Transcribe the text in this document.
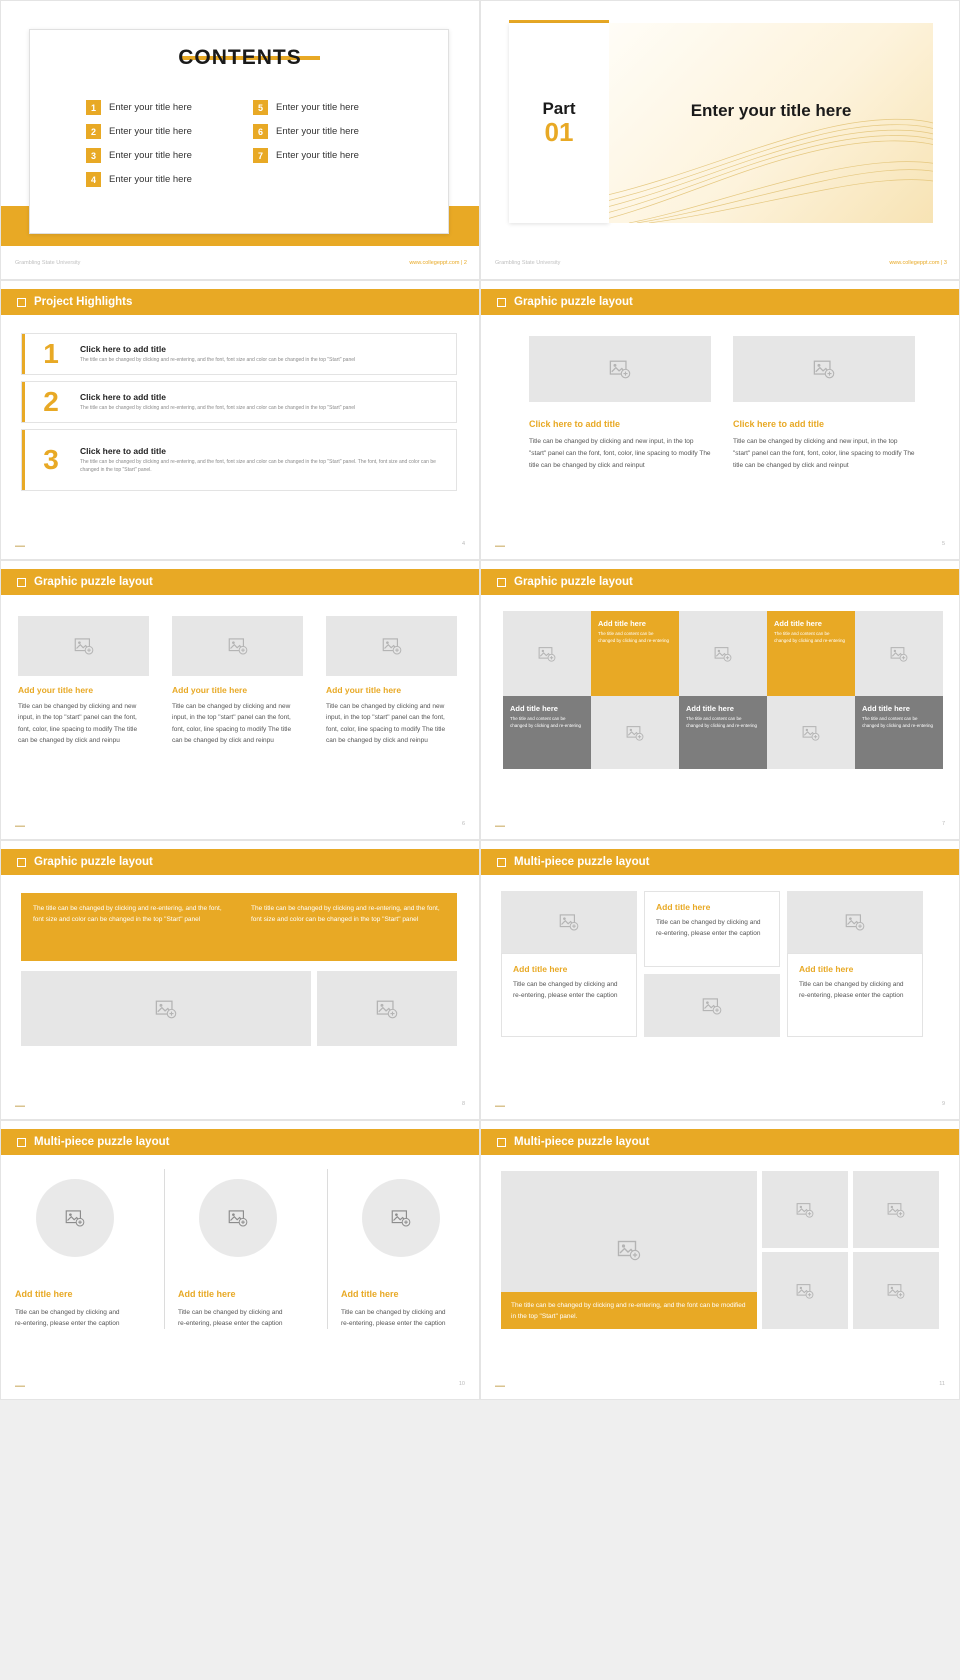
CONTENTS
1	Enter your title here
2	Enter your title here
3	Enter your title here
4	Enter your title here
5	Enter your title here
6	Enter your title here
7	Enter your title here
Grambling State University	www.collegeppt.com | 2
Part
01
Enter your title here
Grambling State University	www.collegeppt.com | 3
Project Highlights
1	Click here to add title
The title can be changed by clicking and re-entering, and the font, font size and color can be changed in the top "Start" panel
2	Click here to add title
The title can be changed by clicking and re-entering, and the font, font size and color can be changed in the top "Start" panel
3	Click here to add title
The title can be changed by clicking and re-entering, and the font, font size and color can be changed in the top "Start" panel. The font, font size and color can be changed in the top "Start" panel.
▬▬	4
Graphic puzzle layout
Click here to add title
Title can be changed by clicking and new input, in the top "start" panel can the font, font, color, line spacing to modify The title can be changed by click and reinput
Click here to add title
Title can be changed by clicking and new input, in the top "start" panel can the font, font, color, line spacing to modify The title can be changed by click and reinput
▬▬	5
Graphic puzzle layout
Add your title here
Title can be changed by clicking and new input, in the top "start" panel can the font, font, color, line spacing to modify The title can be changed by click and reinpu
Add your title here
Title can be changed by clicking and new input, in the top "start" panel can the font, font, color, line spacing to modify The title can be changed by click and reinpu
Add your title here
Title can be changed by clicking and new input, in the top "start" panel can the font, font, color, line spacing to modify The title can be changed by click and reinpu
▬▬	6
Graphic puzzle layout
Add title here
The title and content can be changed by clicking and re-entering
Add title here
The title and content can be changed by clicking and re-entering
Add title here
The title and content can be changed by clicking and re-entering
Add title here
The title and content can be changed by clicking and re-entering
Add title here
The title and content can be changed by clicking and re-entering
▬▬	7
Graphic puzzle layout
The title can be changed by clicking and re-entering, and the font, font size and color can be changed in the top "Start" panel
The title can be changed by clicking and re-entering, and the font, font size and color can be changed in the top "Start" panel
▬▬	8
Multi-piece puzzle layout
Add title here
Title can be changed by clicking and re-entering, please enter the caption
Add title here
Title can be changed by clicking and re-entering, please enter the caption
Add title here
Title can be changed by clicking and re-entering, please enter the caption
▬▬	9
Multi-piece puzzle layout
Add title here
Title can be changed by clicking and re-entering, please enter the caption
Add title here
Title can be changed by clicking and re-entering, please enter the caption
Add title here
Title can be changed by clicking and re-entering, please enter the caption
▬▬	10
Multi-piece puzzle layout
The title can be changed by clicking and re-entering, and the font can be modified in the top "Start" panel.
▬▬	11
